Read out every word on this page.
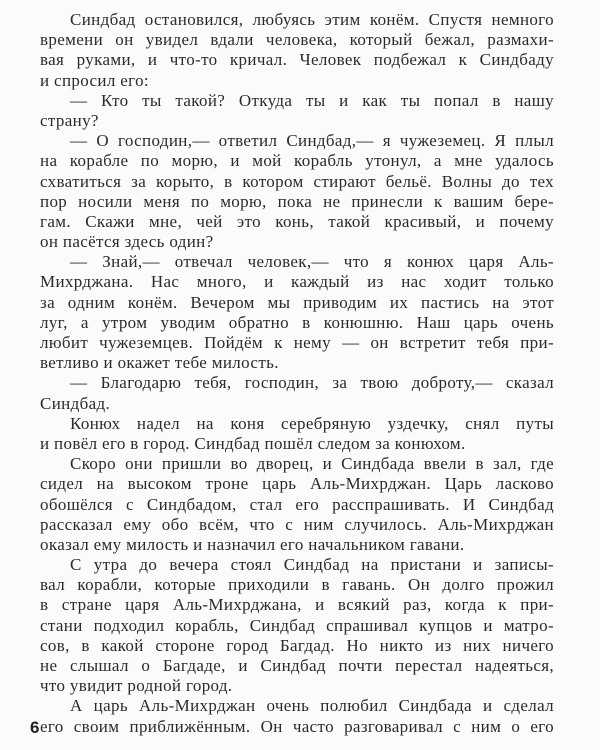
Синдбад остановился, любуясь этим конём. Спустя немного
времени он увидел вдали человека, который бежал, размахи-
вая руками, и что-то кричал. Человек подбежал к Синдбаду
и спросил его:
— Кто ты такой? Откуда ты и как ты попал в нашу
страну?
— О господин,— ответил Синдбад,— я чужеземец. Я плыл
на корабле по морю, и мой корабль утонул, а мне удалось
схватиться за корыто, в котором стирают бельё. Волны до тех
пор носили меня по морю, пока не принесли к вашим бере-
гам. Скажи мне, чей это конь, такой красивый, и почему
он пасётся здесь один?
— Знай,— отвечал человек,— что я конюх царя Аль-
Михрджана. Нас много, и каждый из нас ходит только
за одним конём. Вечером мы приводим их пастись на этот
луг, а утром уводим обратно в конюшню. Наш царь очень
любит чужеземцев. Пойдём к нему — он встретит тебя при-
ветливо и окажет тебе милость.
— Благодарю тебя, господин, за твою доброту,— сказал
Синдбад.
Конюх надел на коня серебряную уздечку, снял путы
и повёл его в город. Синдбад пошёл следом за конюхом.
Скоро они пришли во дворец, и Синдбада ввели в зал, где
сидел на высоком троне царь Аль-Михрджан. Царь ласково
обошёлся с Синдбадом, стал его расспрашивать. И Синдбад
рассказал ему обо всём, что с ним случилось. Аль-Михрджан
оказал ему милость и назначил его начальником гавани.
С утра до вечера стоял Синдбад на пристани и записы-
вал корабли, которые приходили в гавань. Он долго прожил
в стране царя Аль-Михрджана, и всякий раз, когда к при-
стани подходил корабль, Синдбад спрашивал купцов и матро-
сов, в какой стороне город Багдад. Но никто из них ничего
не слышал о Багдаде, и Синдбад почти перестал надеяться,
что увидит родной город.
А царь Аль-Михрджан очень полюбил Синдбада и сделал
его своим приближённым. Он часто разговаривал с ним о его
6
